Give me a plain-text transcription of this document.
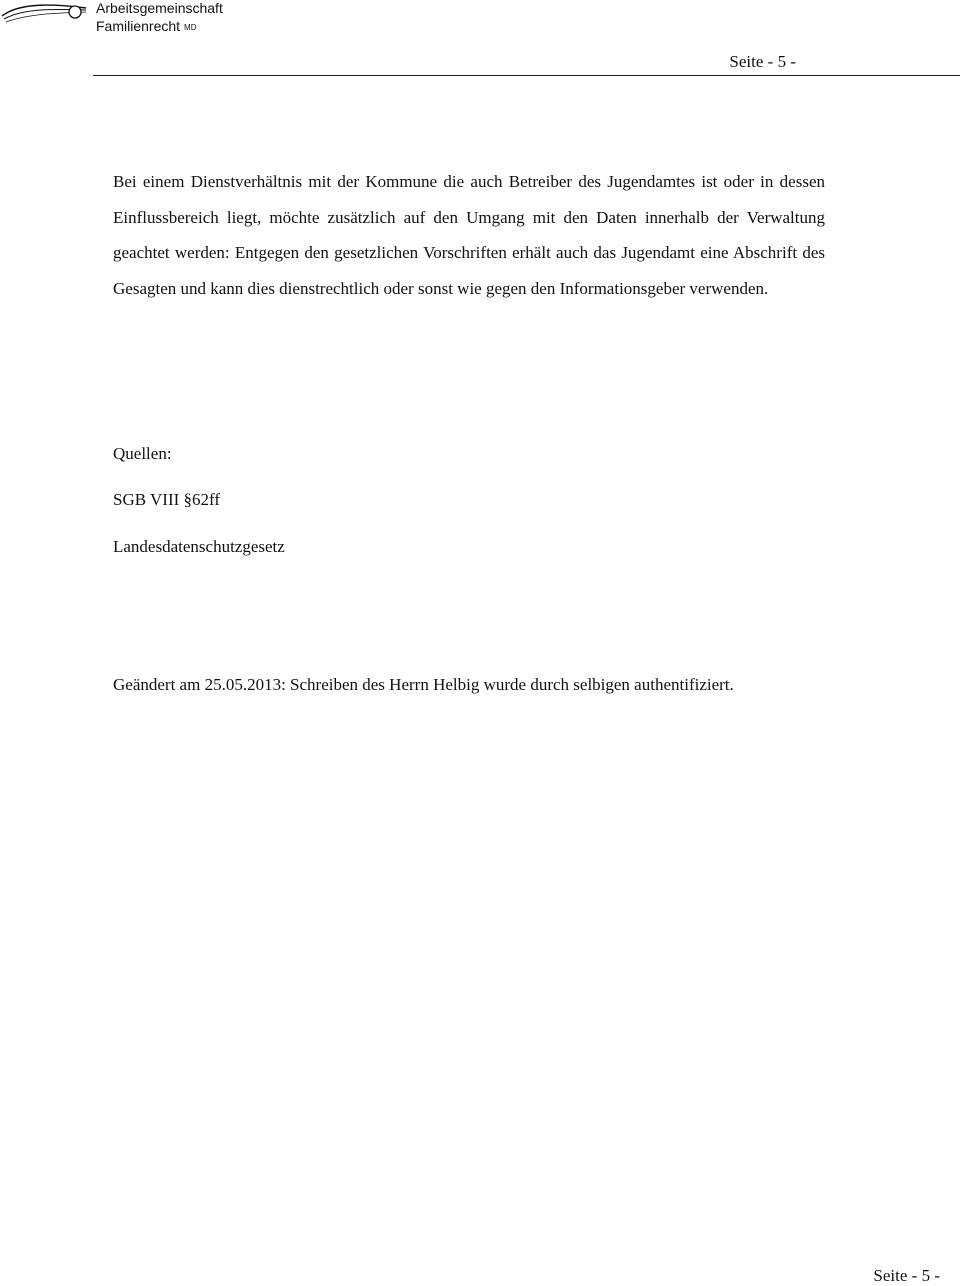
Arbeitsgemeinschaft
Familienrecht MD
Seite - 5 -

Bei einem Dienstverhältnis mit der Kommune die auch Betreiber des Jugendamtes ist oder in dessen Einflussbereich liegt, möchte zusätzlich auf den Umgang mit den Daten innerhalb der Verwaltung geachtet werden: Entgegen den gesetzlichen Vorschriften erhält auch das Jugendamt eine Abschrift des Gesagten und kann dies dienstrechtlich oder sonst wie gegen den Informationsgeber verwenden.

Quellen:
SGB VIII §62ff
Landesdatenschutzgesetz
Geändert am 25.05.2013: Schreiben des Herrn Helbig wurde durch selbigen authentifiziert.
Seite - 5 -
